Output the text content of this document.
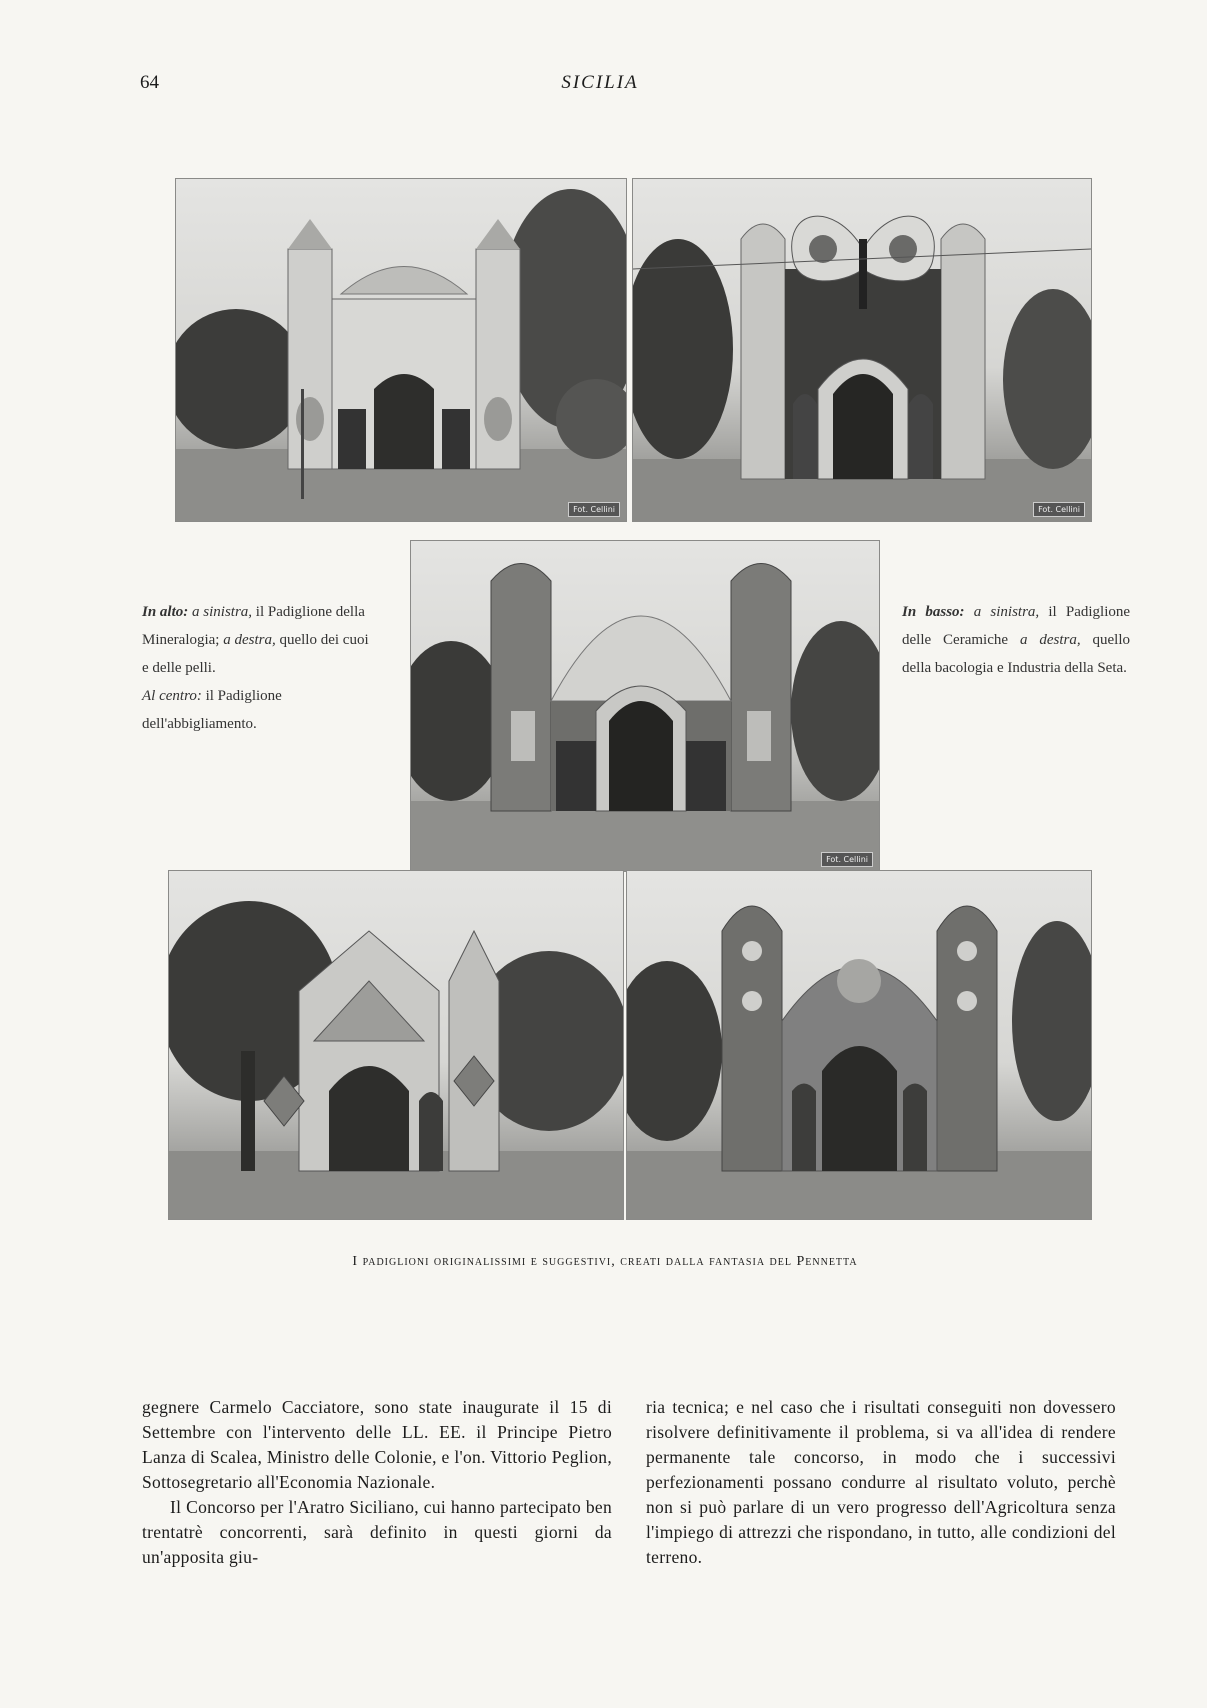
64	SICILIA
Fot. Cellini	Fot. Cellini
In alto: a sinistra, il Padiglione della Mineralogia; a destra, quello dei cuoi e delle pelli.
Al centro: il Padiglione dell'abbigliamento.
Fot. Cellini
In basso: a sinistra, il Padiglione delle Ceramiche a destra, quello della bacologia e Industria della Seta.
I padiglioni originalissimi e suggestivi, creati dalla fantasia del Pennetta

gegnere Carmelo Cacciatore, sono state inaugurate il 15 di Settembre con l'intervento delle LL. EE. il Principe Pietro Lanza di Scalea, Ministro delle Colonie, e l'on. Vittorio Peglion, Sottosegretario all'Economia Nazionale.

Il Concorso per l'Aratro Siciliano, cui hanno partecipato ben trentatrè concorrenti, sarà definito in questi giorni da un'apposita giu-

ria tecnica; e nel caso che i risultati conseguiti non dovessero risolvere definitivamente il problema, si va all'idea di rendere permanente tale concorso, in modo che i successivi perfezionamenti possano condurre al risultato voluto, perchè non si può parlare di un vero progresso dell'Agricoltura senza l'impiego di attrezzi che rispondano, in tutto, alle condizioni del terreno.
